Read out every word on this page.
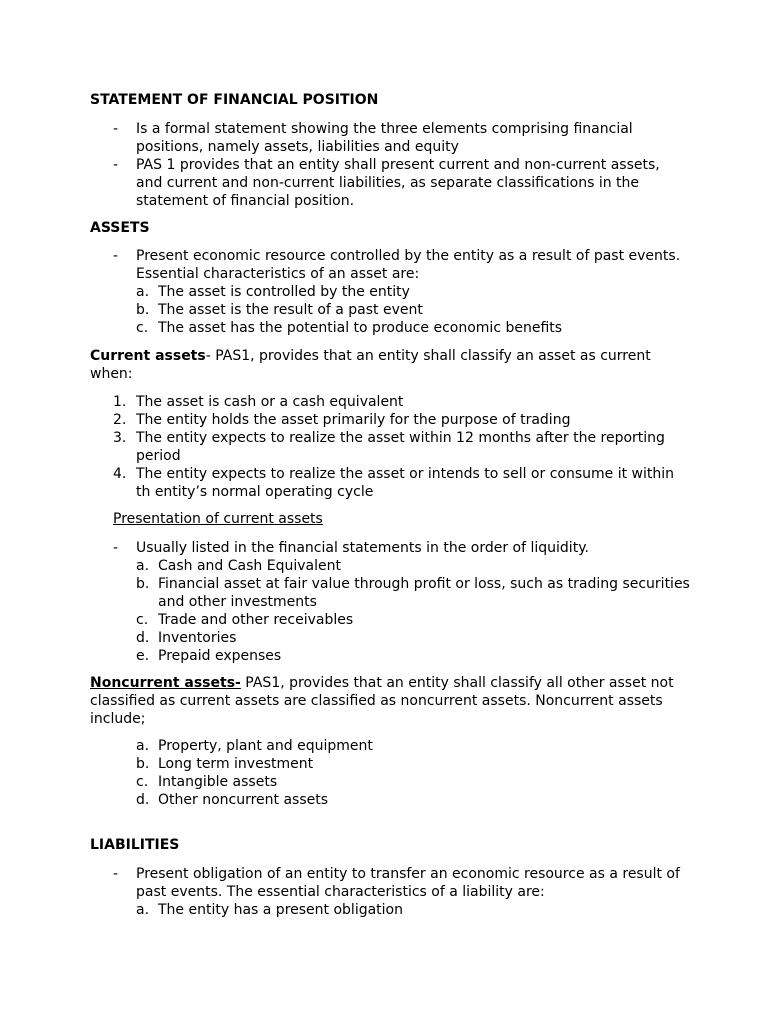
STATEMENT OF FINANCIAL POSITION
- Is a formal statement showing the three elements comprising financial positions, namely assets, liabilities and equity
- PAS 1 provides that an entity shall present current and non-current assets, and current and non-current liabilities, as separate classifications in the statement of financial position.
ASSETS
- Present economic resource controlled by the entity as a result of past events. Essential characteristics of an asset are:
a. The asset is controlled by the entity
b. The asset is the result of a past event
c. The asset has the potential to produce economic benefits

Current assets- PAS1, provides that an entity shall classify an asset as current when:

1. The asset is cash or a cash equivalent
2. The entity holds the asset primarily for the purpose of trading
3. The entity expects to realize the asset within 12 months after the reporting period
4. The entity expects to realize the asset or intends to sell or consume it within th entity’s normal operating cycle

Presentation of current assets

- Usually listed in the financial statements in the order of liquidity.
a. Cash and Cash Equivalent
b. Financial asset at fair value through profit or loss, such as trading securities and other investments
c. Trade and other receivables
d. Inventories
e. Prepaid expenses

Noncurrent assets- PAS1, provides that an entity shall classify all other asset not classified as current assets are classified as noncurrent assets. Noncurrent assets include;

a. Property, plant and equipment
b. Long term investment
c. Intangible assets
d. Other noncurrent assets
LIABILITIES
- Present obligation of an entity to transfer an economic resource as a result of past events. The essential characteristics of a liability are:
a. The entity has a present obligation
